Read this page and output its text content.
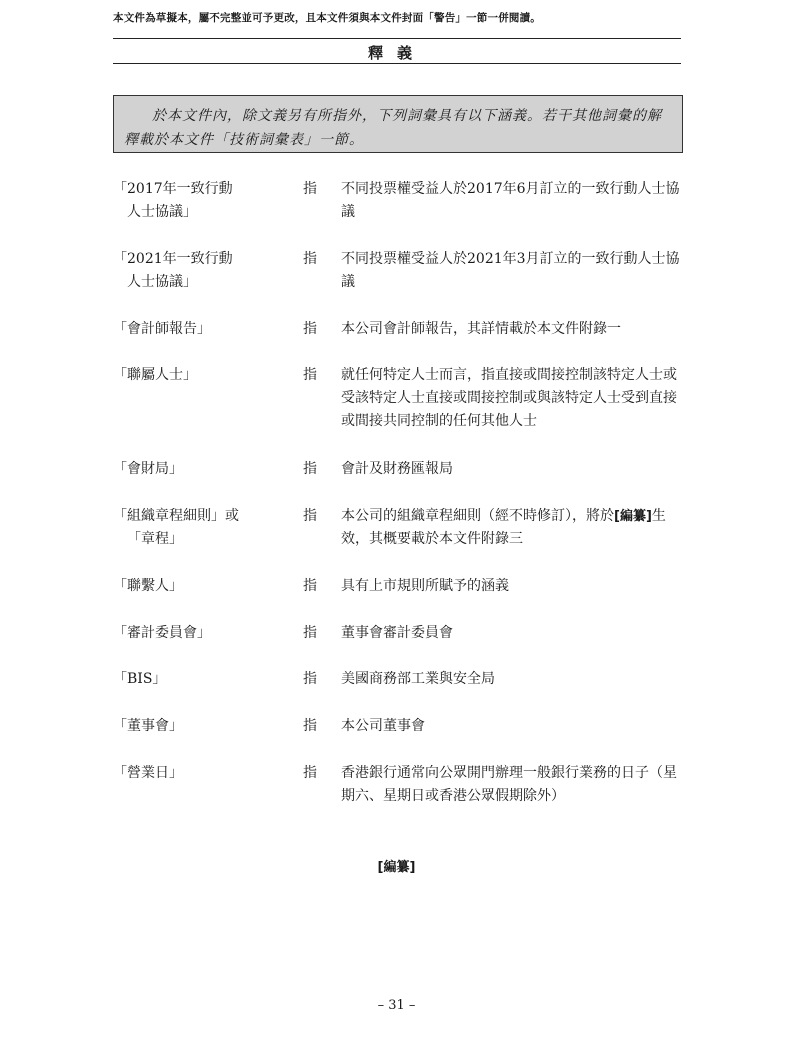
本文件為草擬本，屬不完整並可予更改，且本文件須與本文件封面「警告」一節一併閱讀。
釋義
於本文件內，除文義另有所指外，下列詞彙具有以下涵義。若干其他詞彙的解
釋載於本文件「技術詞彙表」一節。
「2017年一致行動
人士協議」
指	不同投票權受益人於2017年6月訂立的一致行動人士協議
「2021年一致行動
人士協議」
指	不同投票權受益人於2021年3月訂立的一致行動人士協議
「會計師報告」	指	本公司會計師報告，其詳情載於本文件附錄一
「聯屬人士」	指	就任何特定人士而言，指直接或間接控制該特定人士或受該特定人士直接或間接控制或與該特定人士受到直接或間接共同控制的任何其他人士
「會財局」	指	會計及財務匯報局
「組織章程細則」或
「章程」
指	本公司的組織章程細則（經不時修訂），將於[編纂]生效，其概要載於本文件附錄三
「聯繫人」	指	具有上市規則所賦予的涵義
「審計委員會」	指	董事會審計委員會
「BIS」	指	美國商務部工業與安全局
「董事會」	指	本公司董事會
「營業日」	指	香港銀行通常向公眾開門辦理一般銀行業務的日子（星期六、星期日或香港公眾假期除外）
[編纂]
– 31 –
